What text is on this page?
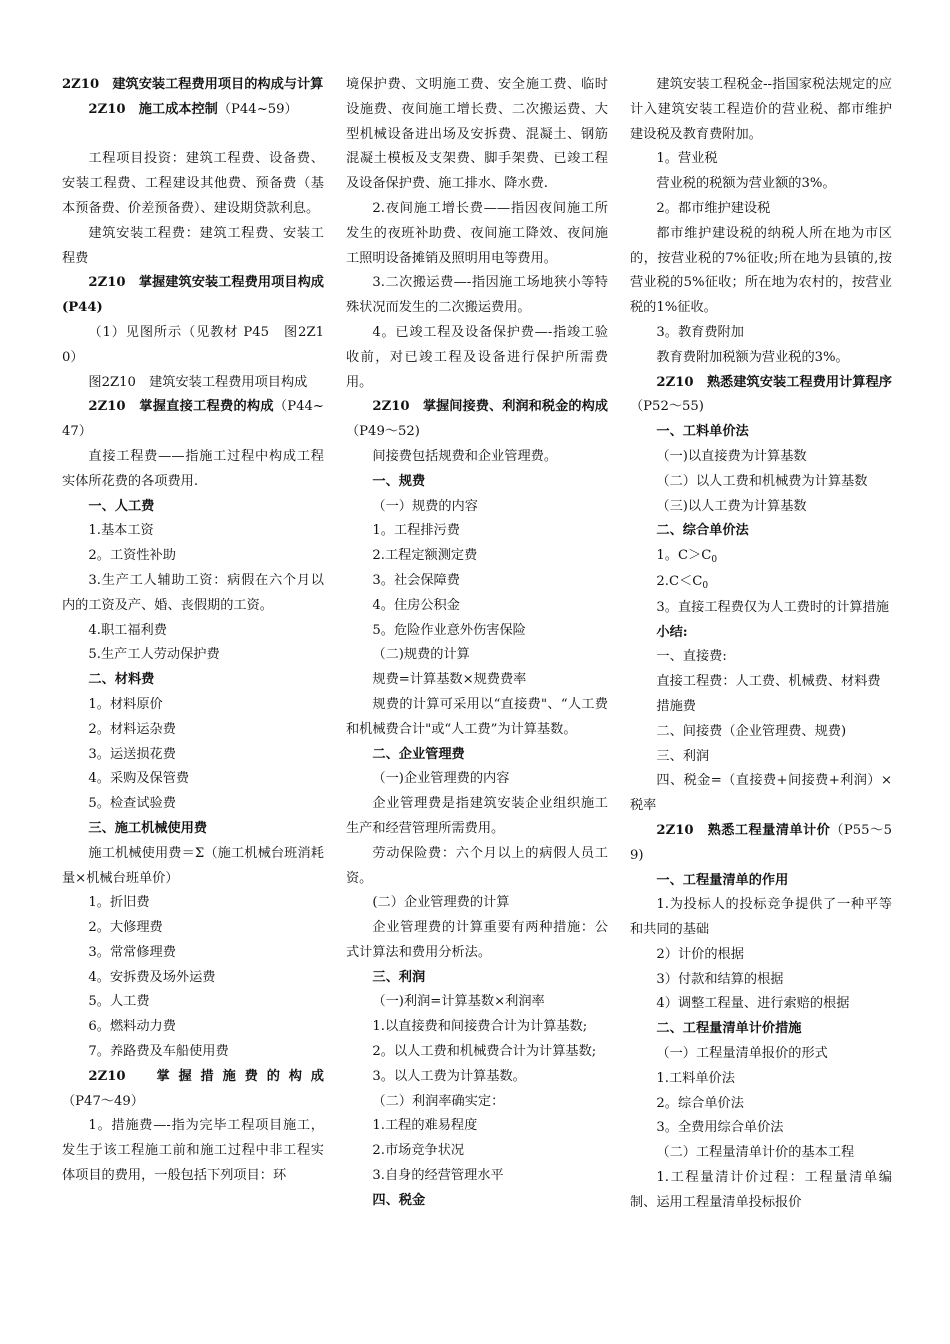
2Z10　建筑安装工程费用项目的构成与计算

2Z10　施工成本控制（P44~59）

工程项目投资：建筑工程费、设备费、安装工程费、工程建设其他费、预备费（基本预备费、价差预备费）、建设期贷款利息。

建筑安装工程费：建筑工程费、安装工程费

2Z10　掌握建筑安装工程费用项目构成(P44)

（1）见图所示（见教材 P45　图2Z10）

图2Z10　建筑安装工程费用项目构成

2Z10　掌握直接工程费的构成（P44~47）

直接工程费——指施工过程中构成工程实体所花费的各项费用.

一、人工费

1.基本工资

2。工资性补助

3.生产工人辅助工资：病假在六个月以内的工资及产、婚、丧假期的工资。

4.职工福利费

5.生产工人劳动保护费

二、材料费

1。材料原价

2。材料运杂费

3。运送损花费

4。采购及保管费

5。检查试验费

三、施工机械使用费

施工机械使用费＝Σ（施工机械台班消耗量×机械台班单价）

1。折旧费

2。大修理费

3。常常修理费

4。安拆费及场外运费

5。人工费

6。燃料动力费

7。养路费及车船使用费

2Z10　掌握措施费的构成（P47～49）

1。措施费—-指为完毕工程项目施工，发生于该工程施工前和施工过程中非工程实体项目的费用，一般包括下列项目：环

境保护费、文明施工费、安全施工费、临时设施费、夜间施工增长费、二次搬运费、大型机械设备进出场及安拆费、混凝土、钢筋混凝土模板及支架费、脚手架费、已竣工程及设备保护费、施工排水、降水费.

2.夜间施工增长费——指因夜间施工所发生的夜班补助费、夜间施工降效、夜间施工照明设备摊销及照明用电等费用。

3.二次搬运费—-指因施工场地狭小等特殊状况而发生的二次搬运费用。

4。已竣工程及设备保护费—-指竣工验收前，对已竣工程及设备进行保护所需费用。

2Z10　掌握间接费、利润和税金的构成（P49～52)

间接费包括规费和企业管理费。

一、规费

（一）规费的内容

1。工程排污费

2.工程定额测定费

3。社会保障费

4。住房公积金

5。危险作业意外伤害保险

（二)规费的计算

规费=计算基数×规费费率

规费的计算可采用以“直接费"、“人工费和机械费合计"或“人工费”为计算基数。

二、企业管理费

（一)企业管理费的内容

企业管理费是指建筑安装企业组织施工生产和经营管理所需费用。

劳动保险费：六个月以上的病假人员工资。

(二）企业管理费的计算

企业管理费的计算重要有两种措施：公式计算法和费用分析法。

三、利润

（一)利润=计算基数×利润率

1.以直接费和间接费合计为计算基数;

2。以人工费和机械费合计为计算基数;

3。以人工费为计算基数。

（二）利润率确实定：

1.工程的难易程度

2.市场竞争状况

3.自身的经营管理水平

四、税金

建筑安装工程税金--指国家税法规定的应计入建筑安装工程造价的营业税、都市维护建设税及教育费附加。

1。营业税

营业税的税额为营业额的3%。

2。都市维护建设税

都市维护建设税的纳税人所在地为市区的，按营业税的7%征收;所在地为县镇的,按营业税的5%征收；所在地为农村的，按营业税的1%征收。

3。教育费附加

教育费附加税额为营业税的3%。

2Z10　熟悉建筑安装工程费用计算程序（P52～55)

一、工料单价法

（一)以直接费为计算基数

（二）以人工费和机械费为计算基数

（三)以人工费为计算基数

二、综合单价法

1。$C>C_0$

$2.C<C_0$

3。直接工程费仅为人工费时的计算措施

小结:

一、直接费:

直接工程费：人工费、机械费、材料费

措施费

二、间接费（企业管理费、规费)

三、利润

四、税金=（直接费+间接费+利润）×税率

2Z10　熟悉工程量清单计价（P55～59)

一、工程量清单的作用

1.为投标人的投标竞争提供了一种平等和共同的基础

2）计价的根据

3）付款和结算的根据

4）调整工程量、进行索赔的根据

二、工程量清单计价措施

（一）工程量清单报价的形式

1.工料单价法

2。综合单价法

3。全费用综合单价法

（二）工程量清单计价的基本工程

1.工程量清计价过程：工程量清单编制、运用工程量清单投标报价
